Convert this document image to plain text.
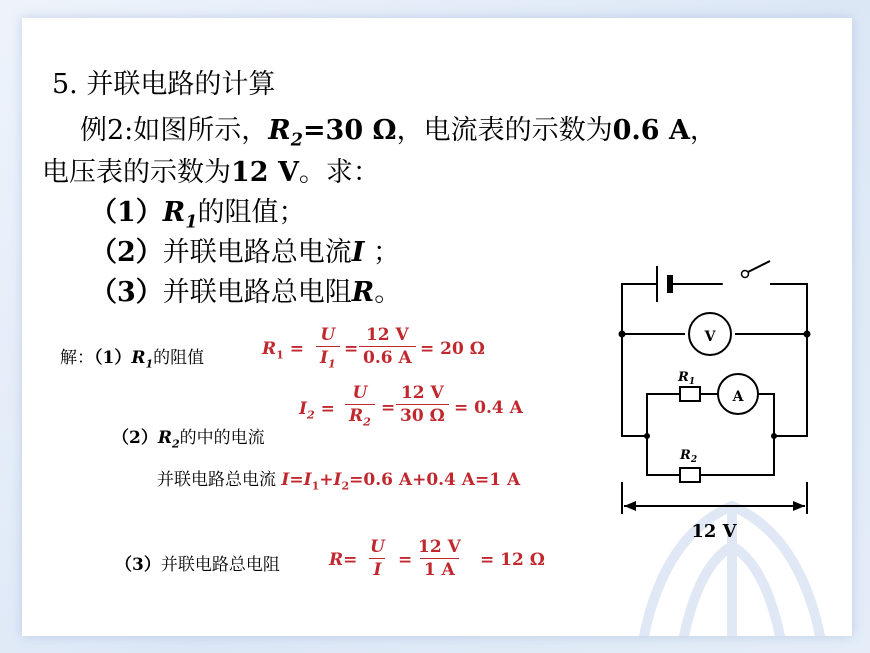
5. 并联电路的计算
例2:如图所示，$R_2=30$ Ω，电流表的示数为0.6 A，
电压表的示数为12 V。求：
$(1)R_1$的阻值；
（2）并联电路总电流I ；
（3）并联电路总电阻R。
解：$(1)R_1$的阻值	$R_1 = \frac{U}{I_1} = \frac{12 V}{0.6 A} = 20$ Ω
$I_2 = \frac{U}{R_2} = \frac{12 V}{30 \Omega} = 0.4$ A
$(2)R_2$的中的电流
并联电路总电流 $I=I_1+I_2=0.6$ A+0.4 A=1 A
（3）并联电路总电阻	$R= \frac{U}{I} = \frac{12 V}{1 A} = 12$ Ω
V
A
$R_1$
$R_2$
12 V
